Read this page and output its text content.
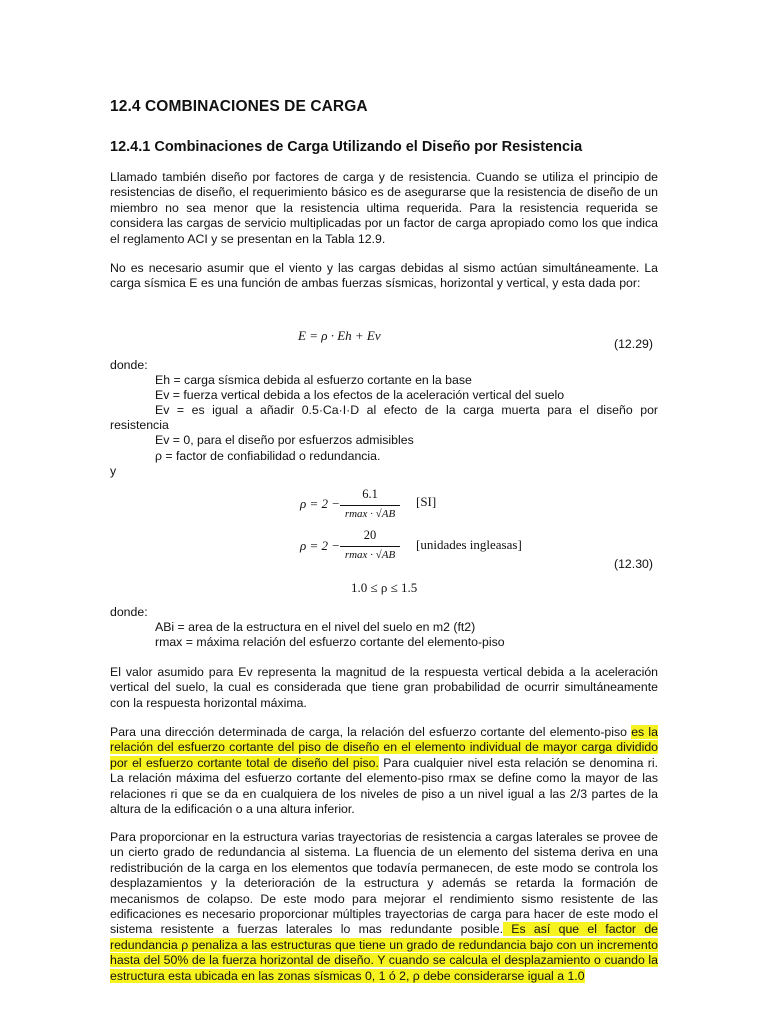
12.4 COMBINACIONES DE CARGA
12.4.1 Combinaciones de Carga Utilizando el Diseño por Resistencia
Llamado también diseño por factores de carga y de resistencia. Cuando se utiliza el principio de resistencias de diseño, el requerimiento básico es de asegurarse que la resistencia de diseño de un miembro no sea menor que la resistencia ultima requerida. Para la resistencia requerida se considera las cargas de servicio multiplicadas por un factor de carga apropiado como los que indica el reglamento ACI y se presentan en la Tabla 12.9.
No es necesario asumir que el viento y las cargas debidas al sismo actúan simultáneamente. La carga sísmica E es una función de ambas fuerzas sísmicas, horizontal y vertical, y esta dada por:
E = ρ · Eh + Ev
(12.29)
donde:
Eh = carga sísmica debida al esfuerzo cortante en la base
Ev = fuerza vertical debida a los efectos de la aceleración vertical del suelo
Ev = es igual a añadir 0.5·Ca·I·D al efecto de la carga muerta para el diseño por
resistencia
Ev = 0, para el diseño por esfuerzos admisibles
ρ = factor de confiabilidad o redundancia.
y
ρ = 2 −
6.1
rmax · √AB
[SI]
ρ = 2 −
20
rmax · √AB
[unidades ingleasas]
(12.30)
1.0 ≤ ρ ≤ 1.5
donde:
ABi = area de la estructura en el nivel del suelo en m2 (ft2)
rmax = máxima relación del esfuerzo cortante del elemento-piso
El valor asumido para Ev representa la magnitud de la respuesta vertical debida a la aceleración vertical del suelo, la cual es considerada que tiene gran probabilidad de ocurrir simultáneamente con la respuesta horizontal máxima.
Para una dirección determinada de carga, la relación del esfuerzo cortante del elemento-piso es la relación del esfuerzo cortante del piso de diseño en el elemento individual de mayor carga dividido por el esfuerzo cortante total de diseño del piso. Para cualquier nivel esta relación se denomina ri. La relación máxima del esfuerzo cortante del elemento-piso rmax se define como la mayor de las relaciones ri que se da en cualquiera de los niveles de piso a un nivel igual a las 2/3 partes de la altura de la edificación o a una altura inferior.
Para proporcionar en la estructura varias trayectorias de resistencia a cargas laterales se provee de un cierto grado de redundancia al sistema. La fluencia de un elemento del sistema deriva en una redistribución de la carga en los elementos que todavía permanecen, de este modo se controla los desplazamientos y la deterioración de la estructura y además se retarda la formación de mecanismos de colapso. De este modo para mejorar el rendimiento sismo resistente de las edificaciones es necesario proporcionar múltiples trayectorias de carga para hacer de este modo el sistema resistente a fuerzas laterales lo mas redundante posible. Es así que el factor de redundancia ρ penaliza a las estructuras que tiene un grado de redundancia bajo con un incremento hasta del 50% de la fuerza horizontal de diseño. Y cuando se calcula el desplazamiento o cuando la estructura esta ubicada en las zonas sísmicas 0, 1 ó 2, ρ debe considerarse igual a 1.0
